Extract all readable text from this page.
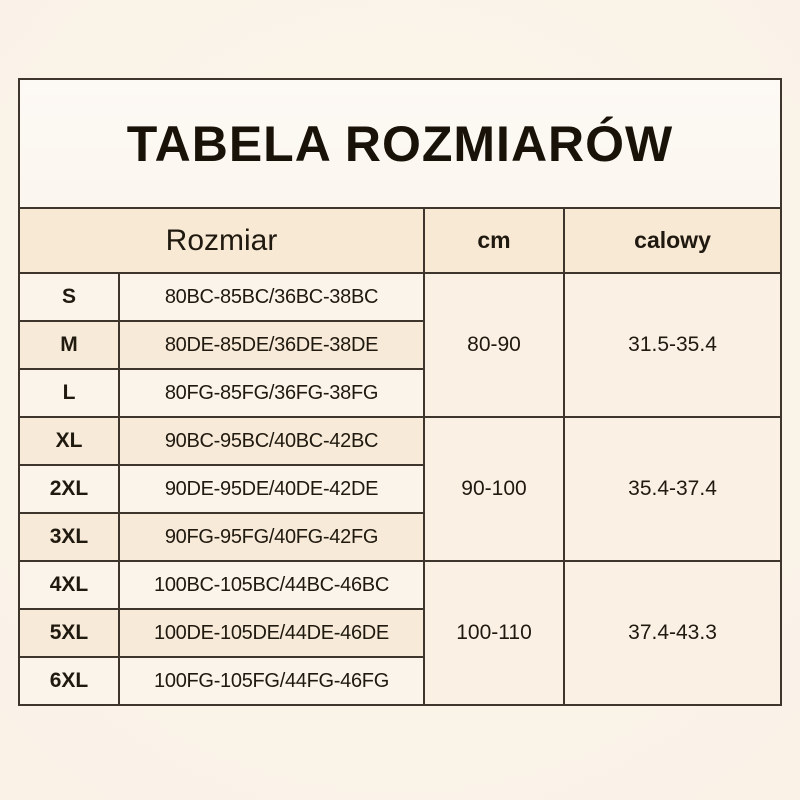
TABELA ROZMIARÓW			
Rozmiar		cm	calowy
S	80BC-85BC/36BC-38BC	80-90	31.5-35.4
M	80DE-85DE/36DE-38DE		
L	80FG-85FG/36FG-38FG		
XL	90BC-95BC/40BC-42BC	90-100	35.4-37.4
2XL	90DE-95DE/40DE-42DE		
3XL	90FG-95FG/40FG-42FG		
4XL	100BC-105BC/44BC-46BC	100-110	37.4-43.3
5XL	100DE-105DE/44DE-46DE		
6XL	100FG-105FG/44FG-46FG		
